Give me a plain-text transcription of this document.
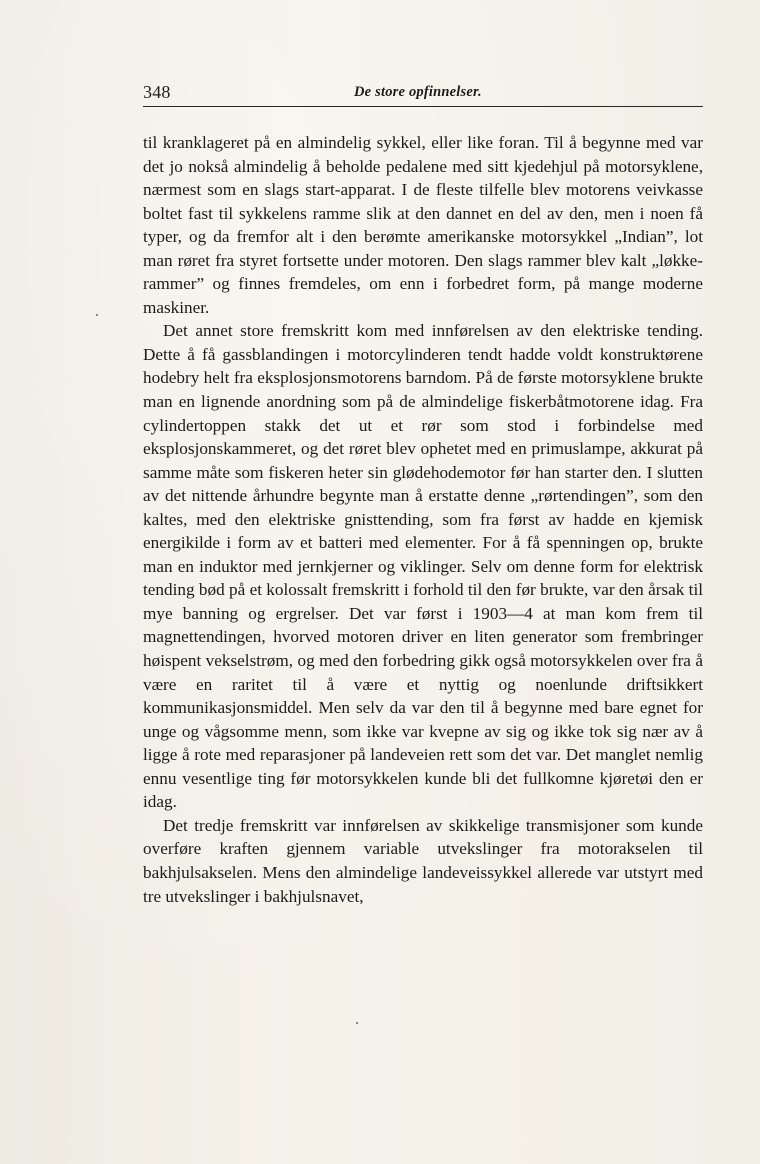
348	De store opfinnelser.

til kranklageret på en almindelig sykkel, eller like foran. Til å begynne med var det jo nokså almindelig å beholde pedalene med sitt kjedehjul på motorsyklene, nærmest som en slags start-apparat. I de fleste tilfelle blev motorens veivkasse boltet fast til sykkelens ramme slik at den dannet en del av den, men i noen få typer, og da fremfor alt i den berømte amerikanske motorsykkel „Indian”, lot man røret fra styret fortsette under motoren. Den slags rammer blev kalt „løkke-rammer” og finnes fremdeles, om enn i forbedret form, på mange moderne maskiner.

Det annet store fremskritt kom med innførelsen av den elektriske tending. Dette å få gassblandingen i motorcylinderen tendt hadde voldt konstruktørene hodebry helt fra eksplosjonsmotorens barndom. På de første motorsyklene brukte man en lignende anordning som på de almindelige fiskerbåtmotorene idag. Fra cylindertoppen stakk det ut et rør som stod i forbindelse med eksplosjonskammeret, og det røret blev ophetet med en primuslampe, akkurat på samme måte som fiskeren heter sin glødehodemotor før han starter den. I slutten av det nittende århundre begynte man å erstatte denne „rørtendingen”, som den kaltes, med den elektriske gnisttending, som fra først av hadde en kjemisk energikilde i form av et batteri med elementer. For å få spenningen op, brukte man en induktor med jernkjerner og viklinger. Selv om denne form for elektrisk tending bød på et kolossalt fremskritt i forhold til den før brukte, var den årsak til mye banning og ergrelser. Det var først i 1903—4 at man kom frem til magnettendingen, hvorved motoren driver en liten generator som frembringer høispent vekselstrøm, og med den forbedring gikk også motorsykkelen over fra å være en raritet til å være et nyttig og noenlunde driftsikkert kommunikasjonsmiddel. Men selv da var den til å begynne med bare egnet for unge og vågsomme menn, som ikke var kvepne av sig og ikke tok sig nær av å ligge å rote med reparasjoner på landeveien rett som det var. Det manglet nemlig ennu vesentlige ting før motorsykkelen kunde bli det fullkomne kjøretøi den er idag.

Det tredje fremskritt var innførelsen av skikkelige transmisjoner som kunde overføre kraften gjennem variable utvekslinger fra motorakselen til bakhjulsakselen. Mens den almindelige landeveissykkel allerede var utstyrt med tre utvekslinger i bakhjulsnavet,
